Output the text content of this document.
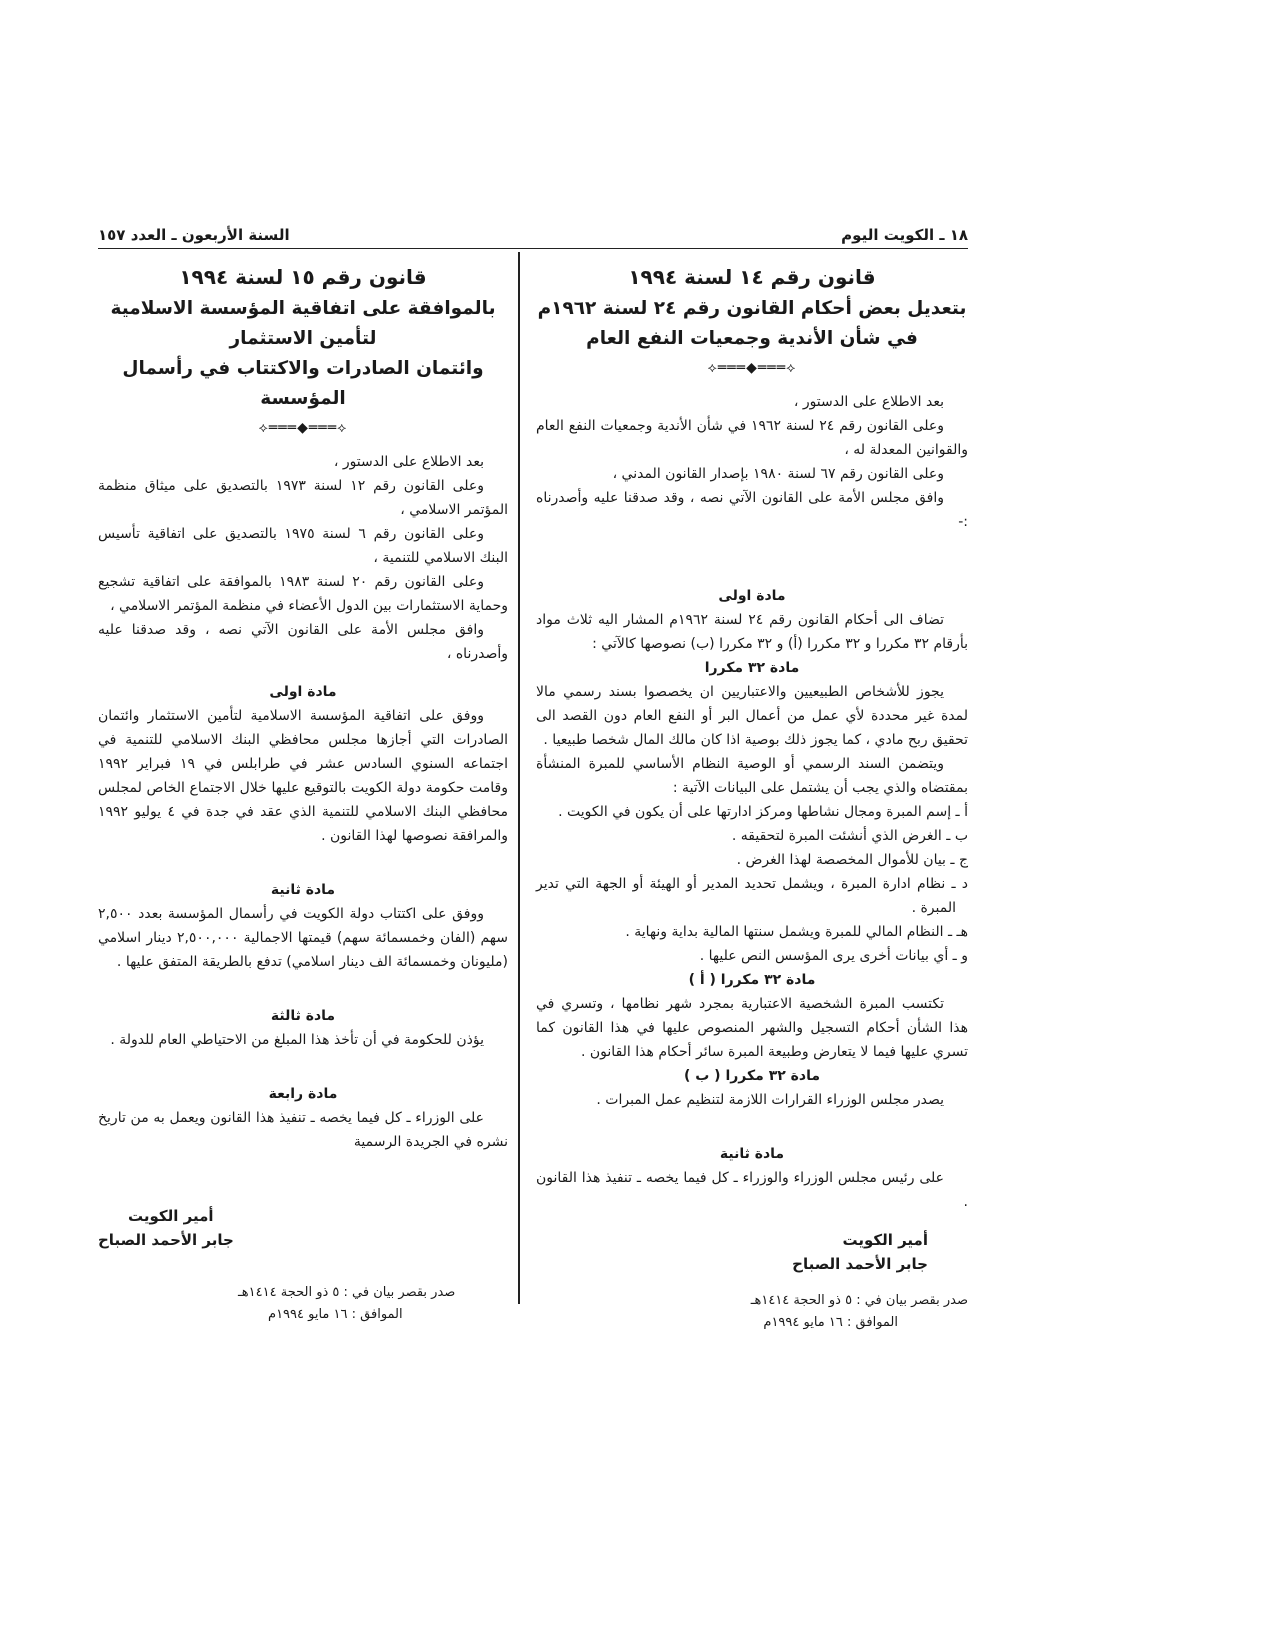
١٨ ـ الكويت اليوم
السنة الأربعون ـ العدد ١٥٧

قانون رقم ١٤ لسنة ١٩٩٤

بتعديل بعض أحكام القانون رقم ٢٤ لسنة ١٩٦٢م

في شأن الأندية وجمعيات النفع العام

⟡═══◆═══⟡

بعد الاطلاع على الدستور ،

وعلى القانون رقم ٢٤ لسنة ١٩٦٢ في شأن الأندية وجمعيات النفع العام والقوانين المعدلة له ،

وعلى القانون رقم ٦٧ لسنة ١٩٨٠ بإصدار القانون المدني ،

وافق مجلس الأمة على القانون الآتي نصه ، وقد صدقنا عليه وأصدرناه :-

مادة اولى

تضاف الى أحكام القانون رقم ٢٤ لسنة ١٩٦٢م المشار اليه ثلاث مواد بأرقام ٣٢ مكررا و ٣٢ مكررا (أ) و ٣٢ مكررا (ب) نصوصها كالآتي :

مادة ٣٢ مكررا

يجوز للأشخاص الطبيعيين والاعتباريين ان يخصصوا بسند رسمي مالا لمدة غير محددة لأي عمل من أعمال البر أو النفع العام دون القصد الى تحقيق ربح مادي ، كما يجوز ذلك بوصية اذا كان مالك المال شخصا طبيعيا .

ويتضمن السند الرسمي أو الوصية النظام الأساسي للمبرة المنشأة بمقتضاه والذي يجب أن يشتمل على البيانات الآتية :

أ ـ إسم المبرة ومجال نشاطها ومركز ادارتها على أن يكون في الكويت .

ب ـ الغرض الذي أنشئت المبرة لتحقيقه .

ج ـ بيان للأموال المخصصة لهذا الغرض .

د ـ نظام ادارة المبرة ، ويشمل تحديد المدير أو الهيئة أو الجهة التي تدير المبرة .

هـ ـ النظام المالي للمبرة ويشمل سنتها المالية بداية ونهاية .

و ـ أي بيانات أخرى يرى المؤسس النص عليها .

مادة ٣٢ مكررا ( أ )

تكتسب المبرة الشخصية الاعتبارية بمجرد شهر نظامها ، وتسري في هذا الشأن أحكام التسجيل والشهر المنصوص عليها في هذا القانون كما تسري عليها فيما لا يتعارض وطبيعة المبرة سائر أحكام هذا القانون .

مادة ٣٢ مكررا ( ب )

يصدر مجلس الوزراء القرارات اللازمة لتنظيم عمل المبرات .

مادة ثانية

على رئيس مجلس الوزراء والوزراء ـ كل فيما يخصه ـ تنفيذ هذا القانون .

أمير الكويت

جابر الأحمد الصباح

صدر بقصر بيان في : ٥ ذو الحجة ١٤١٤هـ

الموافق : ١٦ مايو ١٩٩٤م

قانون رقم ١٥ لسنة ١٩٩٤

بالموافقة على اتفاقية المؤسسة الاسلامية لتأمين الاستثمار

وائتمان الصادرات والاكتتاب في رأسمال المؤسسة

⟡═══◆═══⟡

بعد الاطلاع على الدستور ،

وعلى القانون رقم ١٢ لسنة ١٩٧٣ بالتصديق على ميثاق منظمة المؤتمر الاسلامي ،

وعلى القانون رقم ٦ لسنة ١٩٧٥ بالتصديق على اتفاقية تأسيس البنك الاسلامي للتنمية ،

وعلى القانون رقم ٢٠ لسنة ١٩٨٣ بالموافقة على اتفاقية تشجيع وحماية الاستثمارات بين الدول الأعضاء في منظمة المؤتمر الاسلامي ،

وافق مجلس الأمة على القانون الآتي نصه ، وقد صدقنا عليه وأصدرناه ،

مادة اولى

ووفق على اتفاقية المؤسسة الاسلامية لتأمين الاستثمار وائتمان الصادرات التي أجازها مجلس محافظي البنك الاسلامي للتنمية في اجتماعه السنوي السادس عشر في طرابلس في ١٩ فبراير ١٩٩٢ وقامت حكومة دولة الكويت بالتوقيع عليها خلال الاجتماع الخاص لمجلس محافظي البنك الاسلامي للتنمية الذي عقد في جدة في ٤ يوليو ١٩٩٢ والمرافقة نصوصها لهذا القانون .

مادة ثانية

ووفق على اكتتاب دولة الكويت في رأسمال المؤسسة بعدد ٢,٥٠٠ سهم (الفان وخمسمائة سهم) قيمتها الاجمالية ٢,٥٠٠,٠٠٠ دينار اسلامي (مليونان وخمسمائة الف دينار اسلامي) تدفع بالطريقة المتفق عليها .

مادة ثالثة

يؤذن للحكومة في أن تأخذ هذا المبلغ من الاحتياطي العام للدولة .

مادة رابعة

على الوزراء ـ كل فيما يخصه ـ تنفيذ هذا القانون ويعمل به من تاريخ نشره في الجريدة الرسمية

أمير الكويت

جابر الأحمد الصباح

صدر بقصر بيان في : ٥ ذو الحجة ١٤١٤هـ

الموافق : ١٦ مايو ١٩٩٤م
